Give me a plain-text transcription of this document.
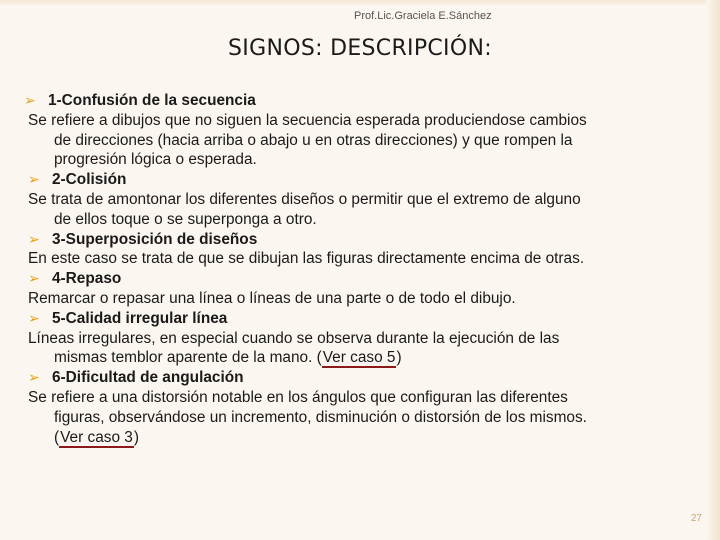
Prof.Lic.Graciela E.Sánchez
SIGNOS: DESCRIPCIÓN:
➢ 1-Confusión de la secuencia
Se refiere a dibujos que no siguen la secuencia esperada produciendose cambios
de direcciones (hacia arriba o abajo u en otras direcciones) y que rompen la
progresión lógica o esperada.
➢ 2-Colisión
Se trata de amontonar los diferentes diseños o permitir que el extremo de alguno
de ellos toque o se superponga a otro.
➢ 3-Superposición de diseños
En este caso se trata de que se dibujan las figuras directamente encima de otras.
➢ 4-Repaso
Remarcar o repasar una línea o líneas de una parte o de todo el dibujo.
➢ 5-Calidad irregular línea
Líneas irregulares, en especial cuando se observa durante la ejecución de las
mismas temblor aparente de la mano. (Ver caso 5)
➢ 6-Dificultad de angulación
Se refiere a una distorsión notable en los ángulos que configuran las diferentes
figuras, observándose un incremento, disminución o distorsión de los mismos.
(Ver caso 3)
27
